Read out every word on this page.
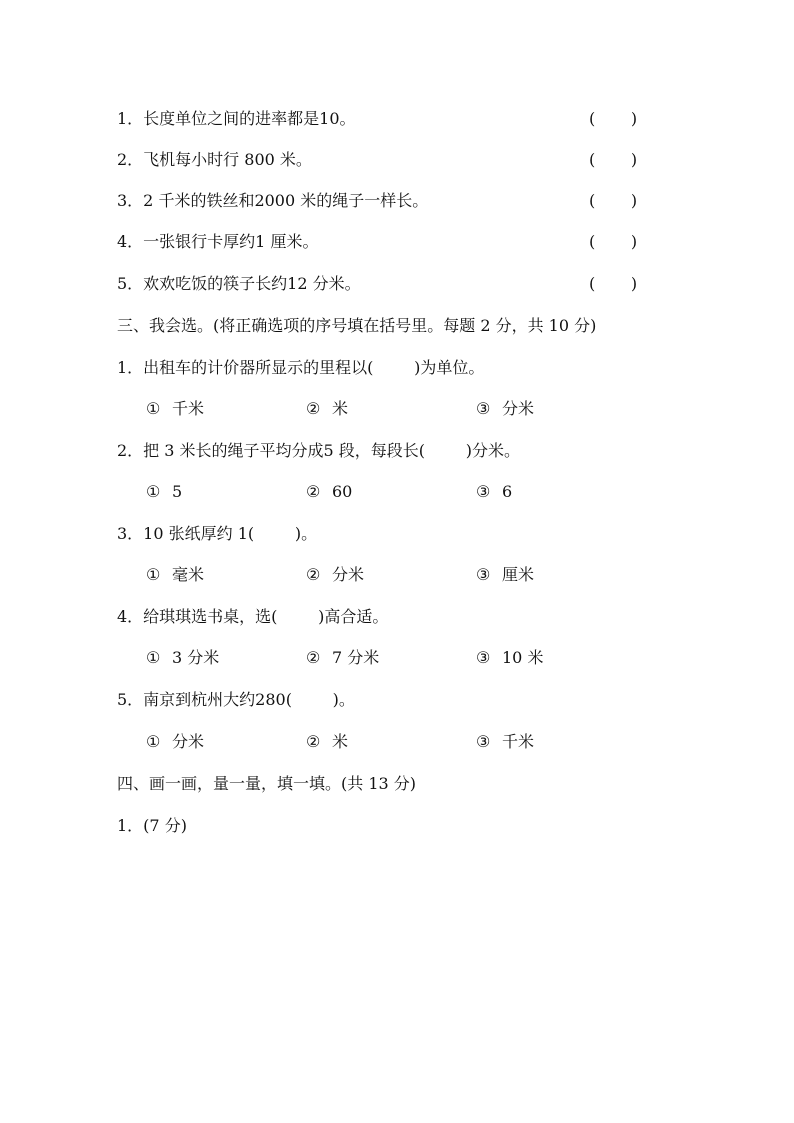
1．长度单位之间的进率都是10。	(       )
2．飞机每小时行 800 米。	(       )
3．2 千米的铁丝和2000 米的绳子一样长。	(       )
4．一张银行卡厚约1 厘米。	(       )
5．欢欢吃饭的筷子长约12 分米。	(       )
三、我会选。(将正确选项的序号填在括号里。每题 2 分，共 10 分)
1．出租车的计价器所显示的里程以(        )为单位。
① 千米	② 米	③ 分米
2．把 3 米长的绳子平均分成5 段，每段长(        )分米。
① 5	② 60	③ 6
3．10 张纸厚约 1(        )。
① 毫米	② 分米	③ 厘米
4．给琪琪选书桌，选(        )高合适。
① 3 分米	② 7 分米	③ 10 米
5．南京到杭州大约280(        )。
① 分米	② 米	③ 千米
四、画一画，量一量，填一填。(共 13 分)
1．(7 分)
